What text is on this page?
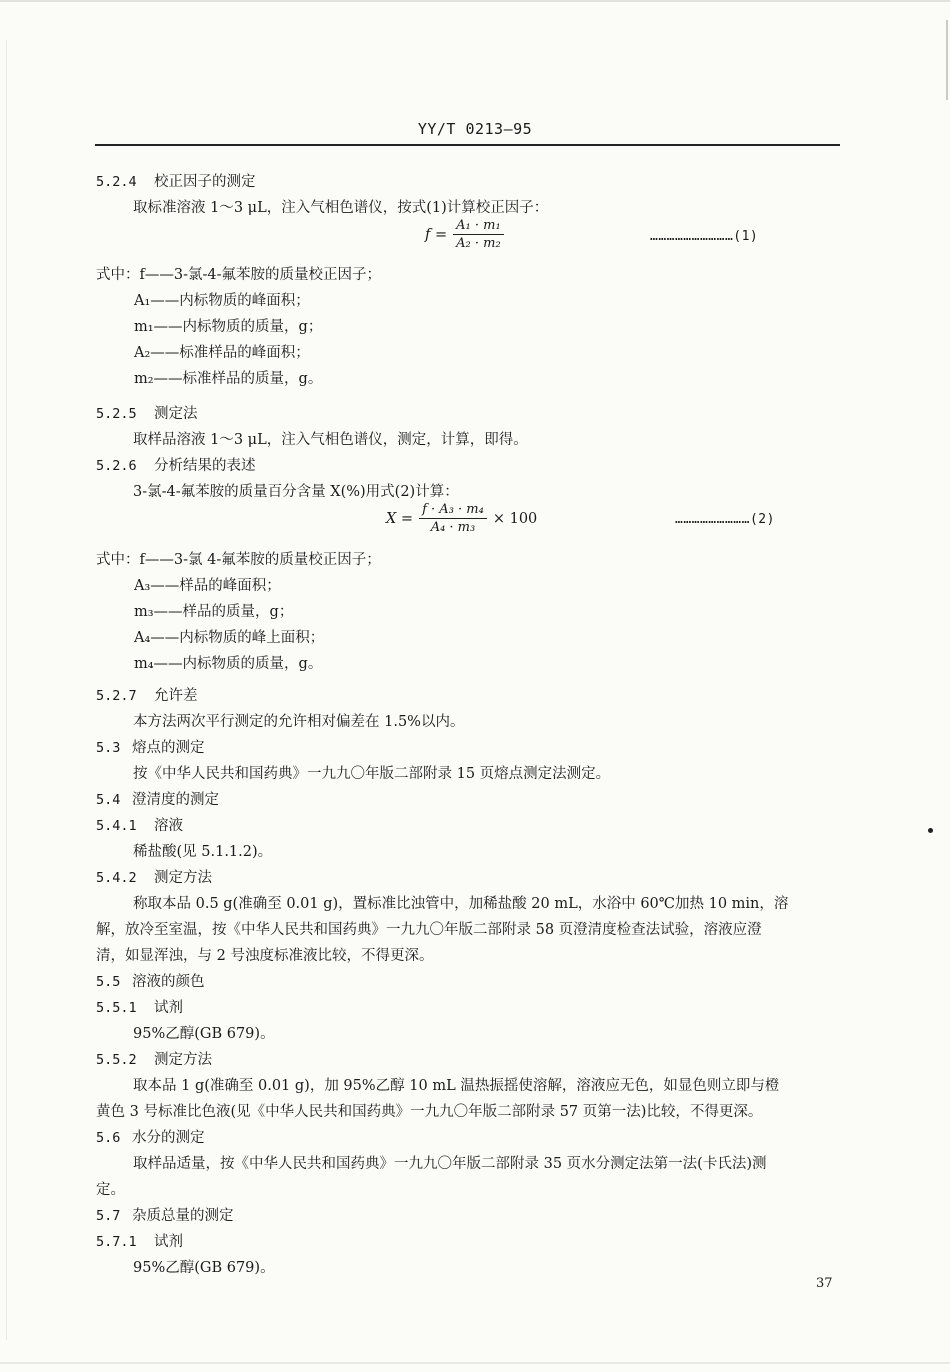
YY/T 0213—95
5.2.4 校正因子的测定
取标准溶液 1～3 μL，注入气相色谱仪，按式(1)计算校正因子：
式中：f——3-氯-4-氟苯胺的质量校正因子；
A₁——内标物质的峰面积；
m₁——内标物质的质量，g；
A₂——标准样品的峰面积；
m₂——标准样品的质量，g。
5.2.5 测定法
取样品溶液 1～3 μL，注入气相色谱仪，测定，计算，即得。
5.2.6 分析结果的表述
3-氯-4-氟苯胺的质量百分含量 X(%)用式(2)计算：
式中：f——3-氯 4-氟苯胺的质量校正因子；
A₃——样品的峰面积；
m₃——样品的质量，g；
A₄——内标物质的峰上面积；
m₄——内标物质的质量，g。
5.2.7 允许差
本方法两次平行测定的允许相对偏差在 1.5%以内。
5.3 熔点的测定
按《中华人民共和国药典》一九九〇年版二部附录 15 页熔点测定法测定。
5.4 澄清度的测定
5.4.1 溶液
稀盐酸(见 5.1.1.2)。
5.4.2 测定方法
称取本品 0.5 g(准确至 0.01 g)，置标准比浊管中，加稀盐酸 20 mL，水浴中 60℃加热 10 min，溶
解，放冷至室温，按《中华人民共和国药典》一九九〇年版二部附录 58 页澄清度检查法试验，溶液应澄
清，如显浑浊，与 2 号浊度标准液比较，不得更深。
5.5 溶液的颜色
5.5.1 试剂
95%乙醇(GB 679)。
5.5.2 测定方法
取本品 1 g(准确至 0.01 g)，加 95%乙醇 10 mL 温热振摇使溶解，溶液应无色，如显色则立即与橙
黄色 3 号标准比色液(见《中华人民共和国药典》一九九〇年版二部附录 57 页第一法)比较，不得更深。
5.6 水分的测定
取样品适量，按《中华人民共和国药典》一九九〇年版二部附录 35 页水分测定法第一法(卡氏法)测
定。
5.7 杂质总量的测定
5.7.1 试剂
95%乙醇(GB 679)。
$f = \frac{\text{A₁ · m₁}}{\text{A₂ · m₂}}$	…………………………(1)
$X = \frac{\text{f · A₃ · m₄}}{\text{A₄ · m₃}} \times 100$	………………………(2)
37
